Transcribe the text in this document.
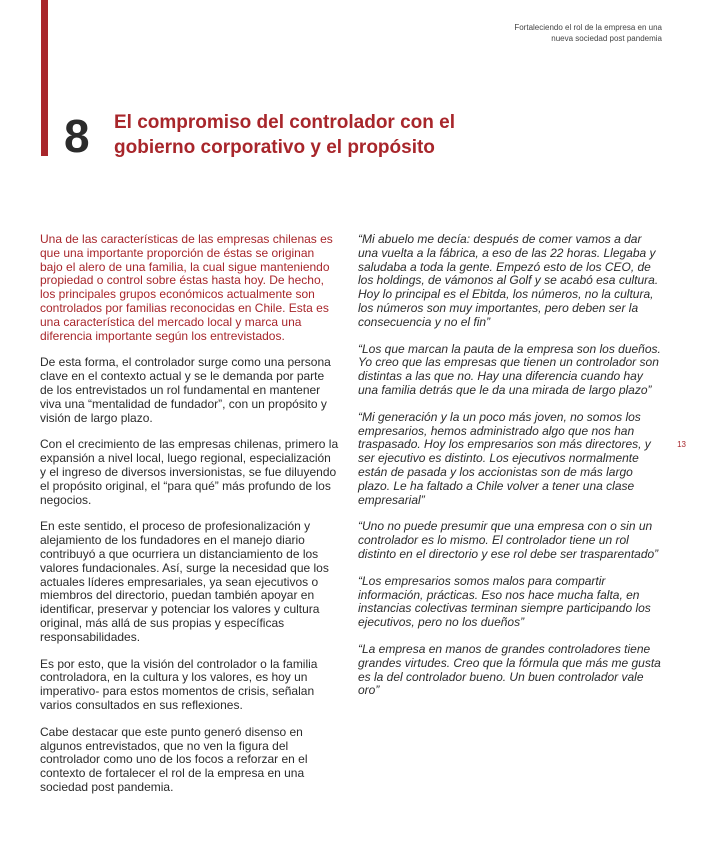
Fortaleciendo el rol de la empresa en una
nueva sociedad post pandemia
8 El compromiso del controlador con el
gobierno corporativo y el propósito

Una de las características de las empresas chilenas es que una importante proporción de éstas se originan bajo el alero de una familia, la cual sigue manteniendo propiedad o control sobre éstas hasta hoy. De hecho, los principales grupos económicos actualmente son controlados por familias reconocidas en Chile. Esta es una característica del mercado local y marca una diferencia importante según los entrevistados.

De esta forma, el controlador surge como una persona clave en el contexto actual y se le demanda por parte de los entrevistados un rol fundamental en mantener viva una “mentalidad de fundador”, con un propósito y visión de largo plazo.

Con el crecimiento de las empresas chilenas, primero la expansión a nivel local, luego regional, especialización y el ingreso de diversos inversionistas, se fue diluyendo el propósito original, el “para qué” más profundo de los negocios.

En este sentido, el proceso de profesionalización y alejamiento de los fundadores en el manejo diario contribuyó a que ocurriera un distanciamiento de los valores fundacionales. Así, surge la necesidad que los actuales líderes empresariales, ya sean ejecutivos o miembros del directorio, puedan también apoyar en identificar, preservar y potenciar los valores y cultura original, más allá de sus propias y específicas responsabilidades.

Es por esto, que la visión del controlador o la familia controladora, en la cultura y los valores, es hoy un imperativo- para estos momentos de crisis, señalan varios consultados en sus reflexiones.

Cabe destacar que este punto generó disenso en algunos entrevistados, que no ven la figura del controlador como uno de los focos a reforzar en el contexto de fortalecer el rol de la empresa en una sociedad post pandemia.

“Mi abuelo me decía: después de comer vamos a dar una vuelta a la fábrica, a eso de las 22 horas. Llegaba y saludaba a toda la gente. Empezó esto de los CEO, de los holdings, de vámonos al Golf y se acabó esa cultura. Hoy lo principal es el Ebitda, los números, no la cultura, los números son muy importantes, pero deben ser la consecuencia y no el fin”

“Los que marcan la pauta de la empresa son los dueños. Yo creo que las empresas que tienen un controlador son distintas a las que no. Hay una diferencia cuando hay una familia detrás que le da una mirada de largo plazo”

“Mi generación y la un poco más joven, no somos los empresarios, hemos administrado algo que nos han traspasado. Hoy los empresarios son más directores, y ser ejecutivo es distinto. Los ejecutivos normalmente están de pasada y los accionistas son de más largo plazo. Le ha faltado a Chile volver a tener una clase empresarial”

“Uno no puede presumir que una empresa con o sin un controlador es lo mismo. El controlador tiene un rol distinto en el directorio y ese rol debe ser trasparentado”

“Los empresarios somos malos para compartir información, prácticas. Eso nos hace mucha falta, en instancias colectivas terminan siempre participando los ejecutivos, pero no los dueños”

“La empresa en manos de grandes controladores tiene grandes virtudes. Creo que la fórmula que más me gusta es la del controlador bueno. Un buen controlador vale oro”

13
